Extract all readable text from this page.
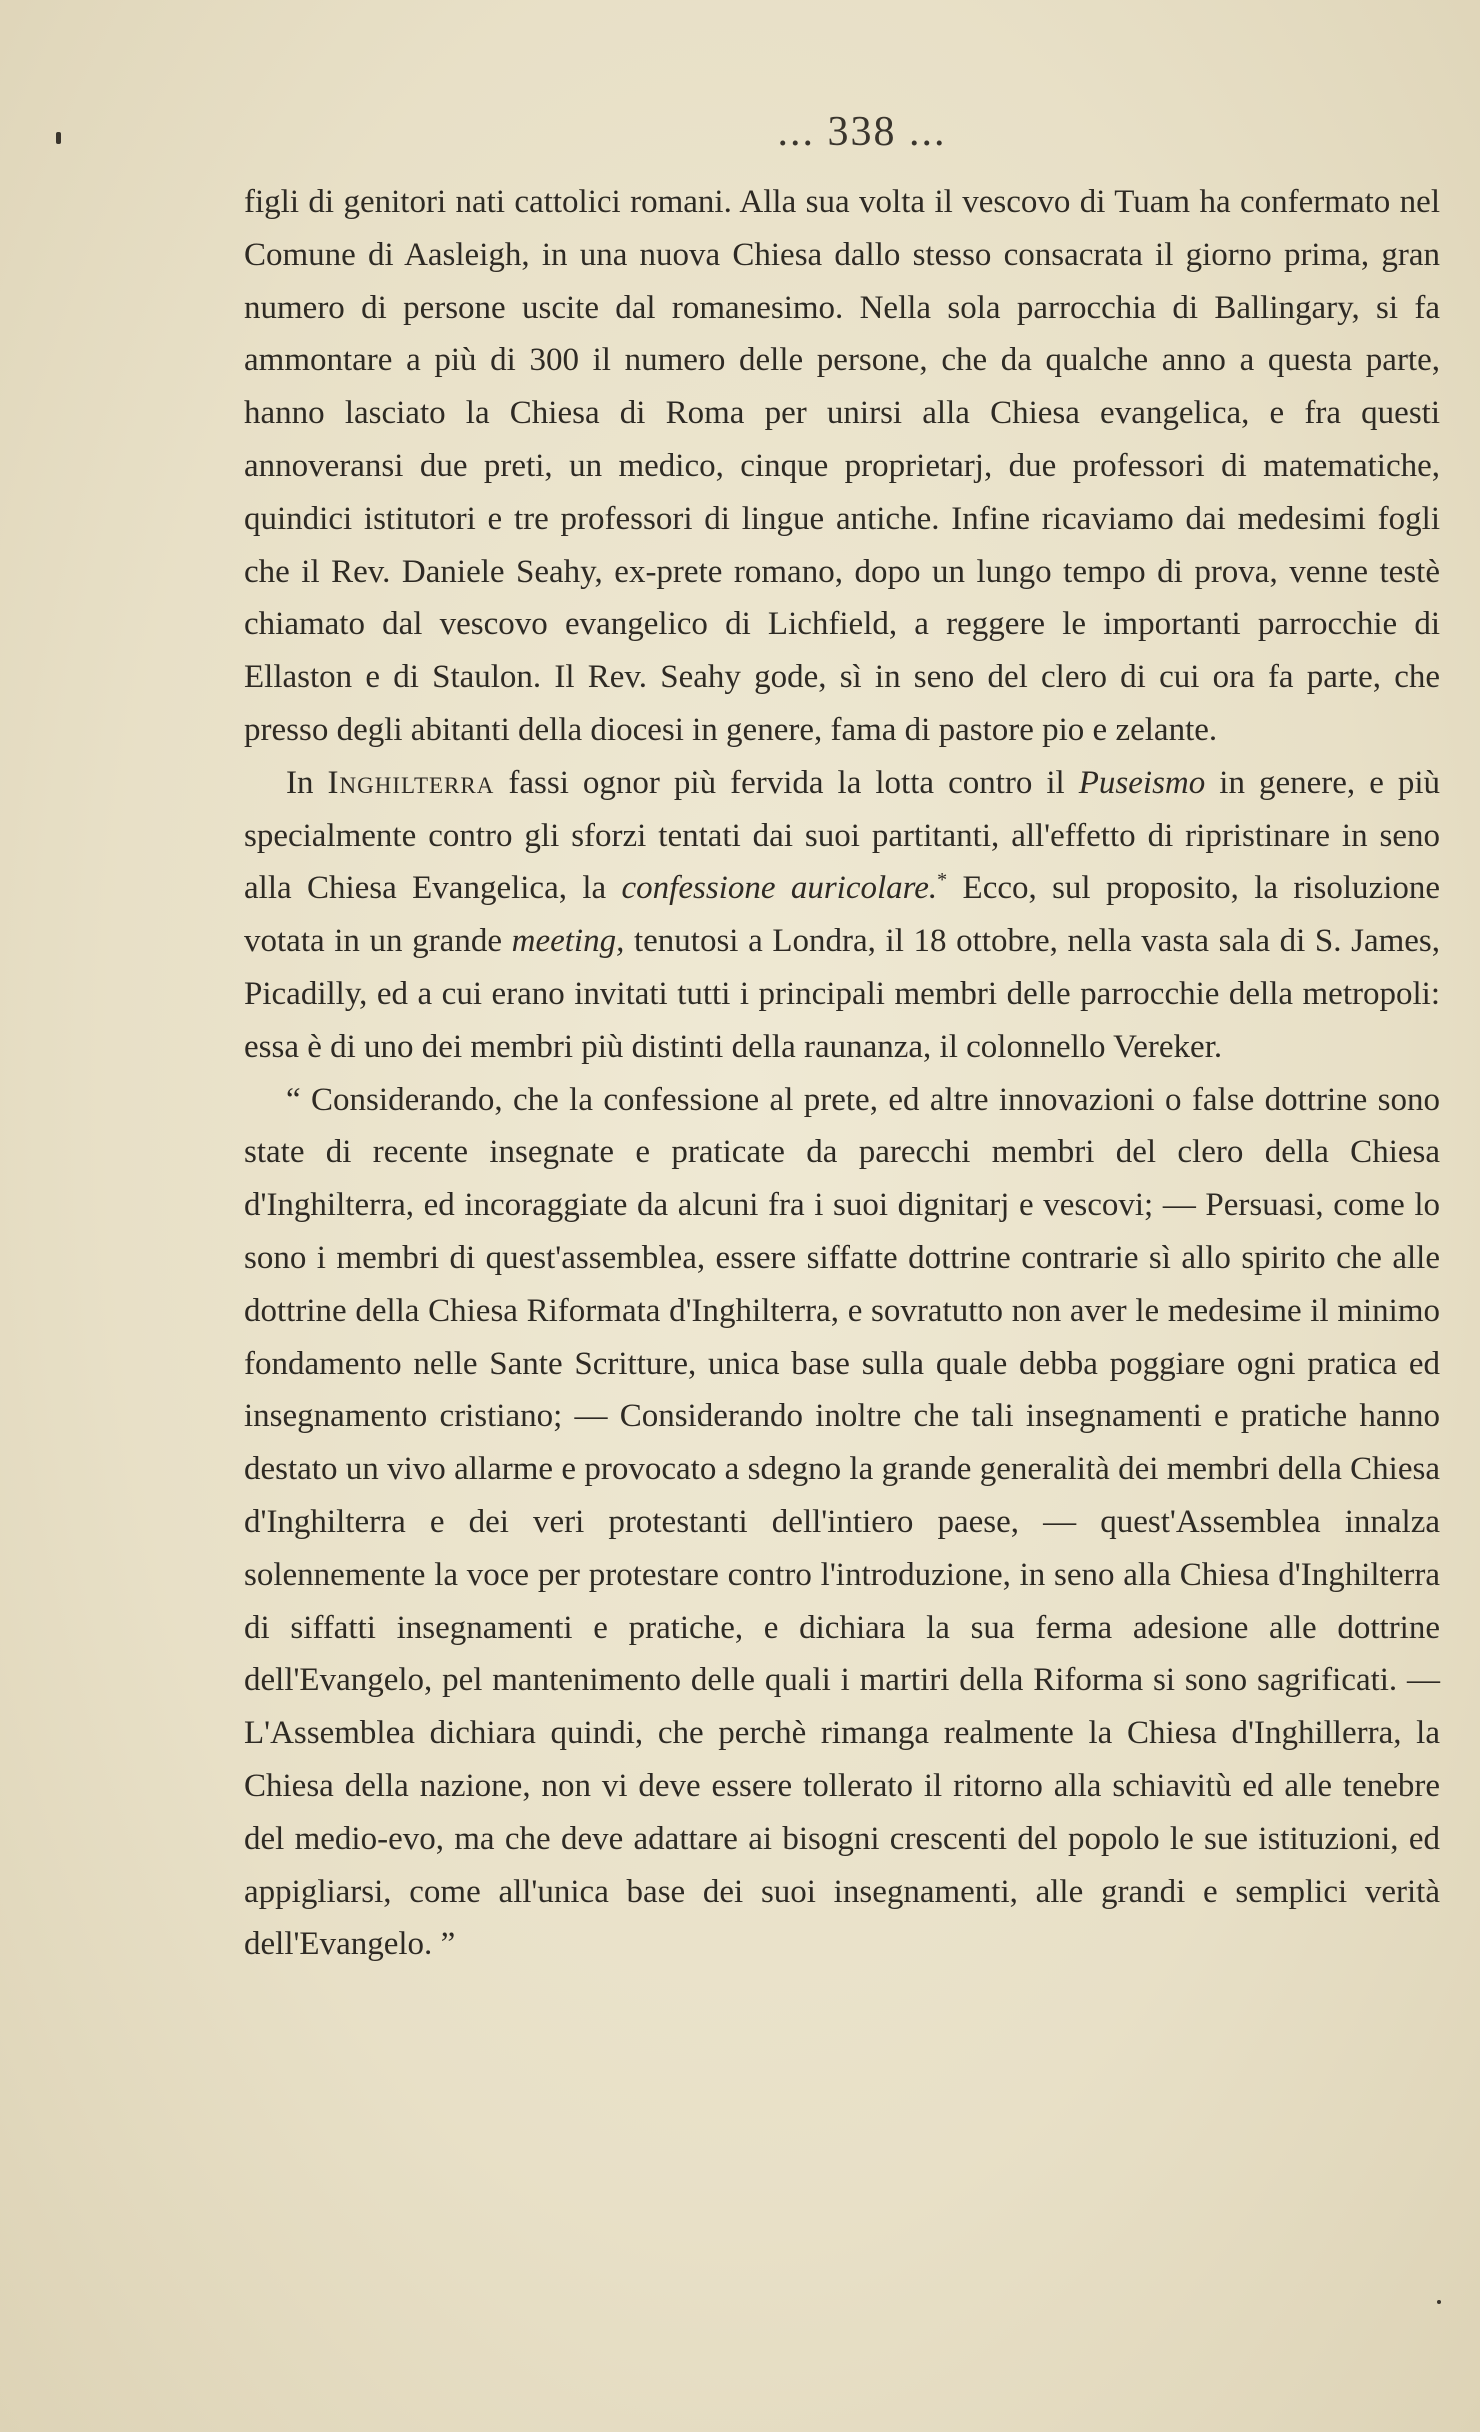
... 338 ...

figli di genitori nati cattolici romani. Alla sua volta il vescovo di Tuam ha confermato nel Comune di Aasleigh, in una nuova Chiesa dallo stesso consacrata il giorno prima, gran numero di persone uscite dal romanesimo. Nella sola parrocchia di Ballingary, si fa ammontare a più di 300 il numero delle persone, che da qualche anno a questa parte, hanno lasciato la Chiesa di Roma per unirsi alla Chiesa evangelica, e fra questi annoveransi due preti, un medico, cinque proprietarj, due professori di matematiche, quindici istitutori e tre professori di lingue antiche. Infine ricaviamo dai medesimi fogli che il Rev. Daniele Seahy, ex-prete romano, dopo un lungo tempo di prova, venne testè chiamato dal vescovo evangelico di Lichfield, a reggere le importanti parrocchie di Ellaston e di Staulon. Il Rev. Seahy gode, sì in seno del clero di cui ora fa parte, che presso degli abitanti della diocesi in genere, fama di pastore pio e zelante.

In Inghilterra fassi ognor più fervida la lotta contro il Puseismo in genere, e più specialmente contro gli sforzi tentati dai suoi partitanti, all'effetto di ripristinare in seno alla Chiesa Evangelica, la confessione auricolare.* Ecco, sul proposito, la risoluzione votata in un grande meeting, tenutosi a Londra, il 18 ottobre, nella vasta sala di S. James, Picadilly, ed a cui erano invitati tutti i principali membri delle parrocchie della metropoli: essa è di uno dei membri più distinti della raunanza, il colonnello Vereker.

“ Considerando, che la confessione al prete, ed altre innovazioni o false dottrine sono state di recente insegnate e praticate da parecchi membri del clero della Chiesa d'Inghilterra, ed incoraggiate da alcuni fra i suoi dignitarj e vescovi; — Persuasi, come lo sono i membri di quest'assemblea, essere siffatte dottrine contrarie sì allo spirito che alle dottrine della Chiesa Riformata d'Inghilterra, e sovratutto non aver le medesime il minimo fondamento nelle Sante Scritture, unica base sulla quale debba poggiare ogni pratica ed insegnamento cristiano; — Considerando inoltre che tali insegnamenti e pratiche hanno destato un vivo allarme e provocato a sdegno la grande generalità dei membri della Chiesa d'Inghilterra e dei veri protestanti dell'intiero paese, — quest'Assemblea innalza solennemente la voce per protestare contro l'introduzione, in seno alla Chiesa d'Inghilterra di siffatti insegnamenti e pratiche, e dichiara la sua ferma adesione alle dottrine dell'Evangelo, pel mantenimento delle quali i martiri della Riforma si sono sagrificati. — L'Assemblea dichiara quindi, che perchè rimanga realmente la Chiesa d'Inghillerra, la Chiesa della nazione, non vi deve essere tollerato il ritorno alla schiavitù ed alle tenebre del medio-evo, ma che deve adattare ai bisogni crescenti del popolo le sue istituzioni, ed appigliarsi, come all'unica base dei suoi insegnamenti, alle grandi e semplici verità dell'Evangelo. ”
